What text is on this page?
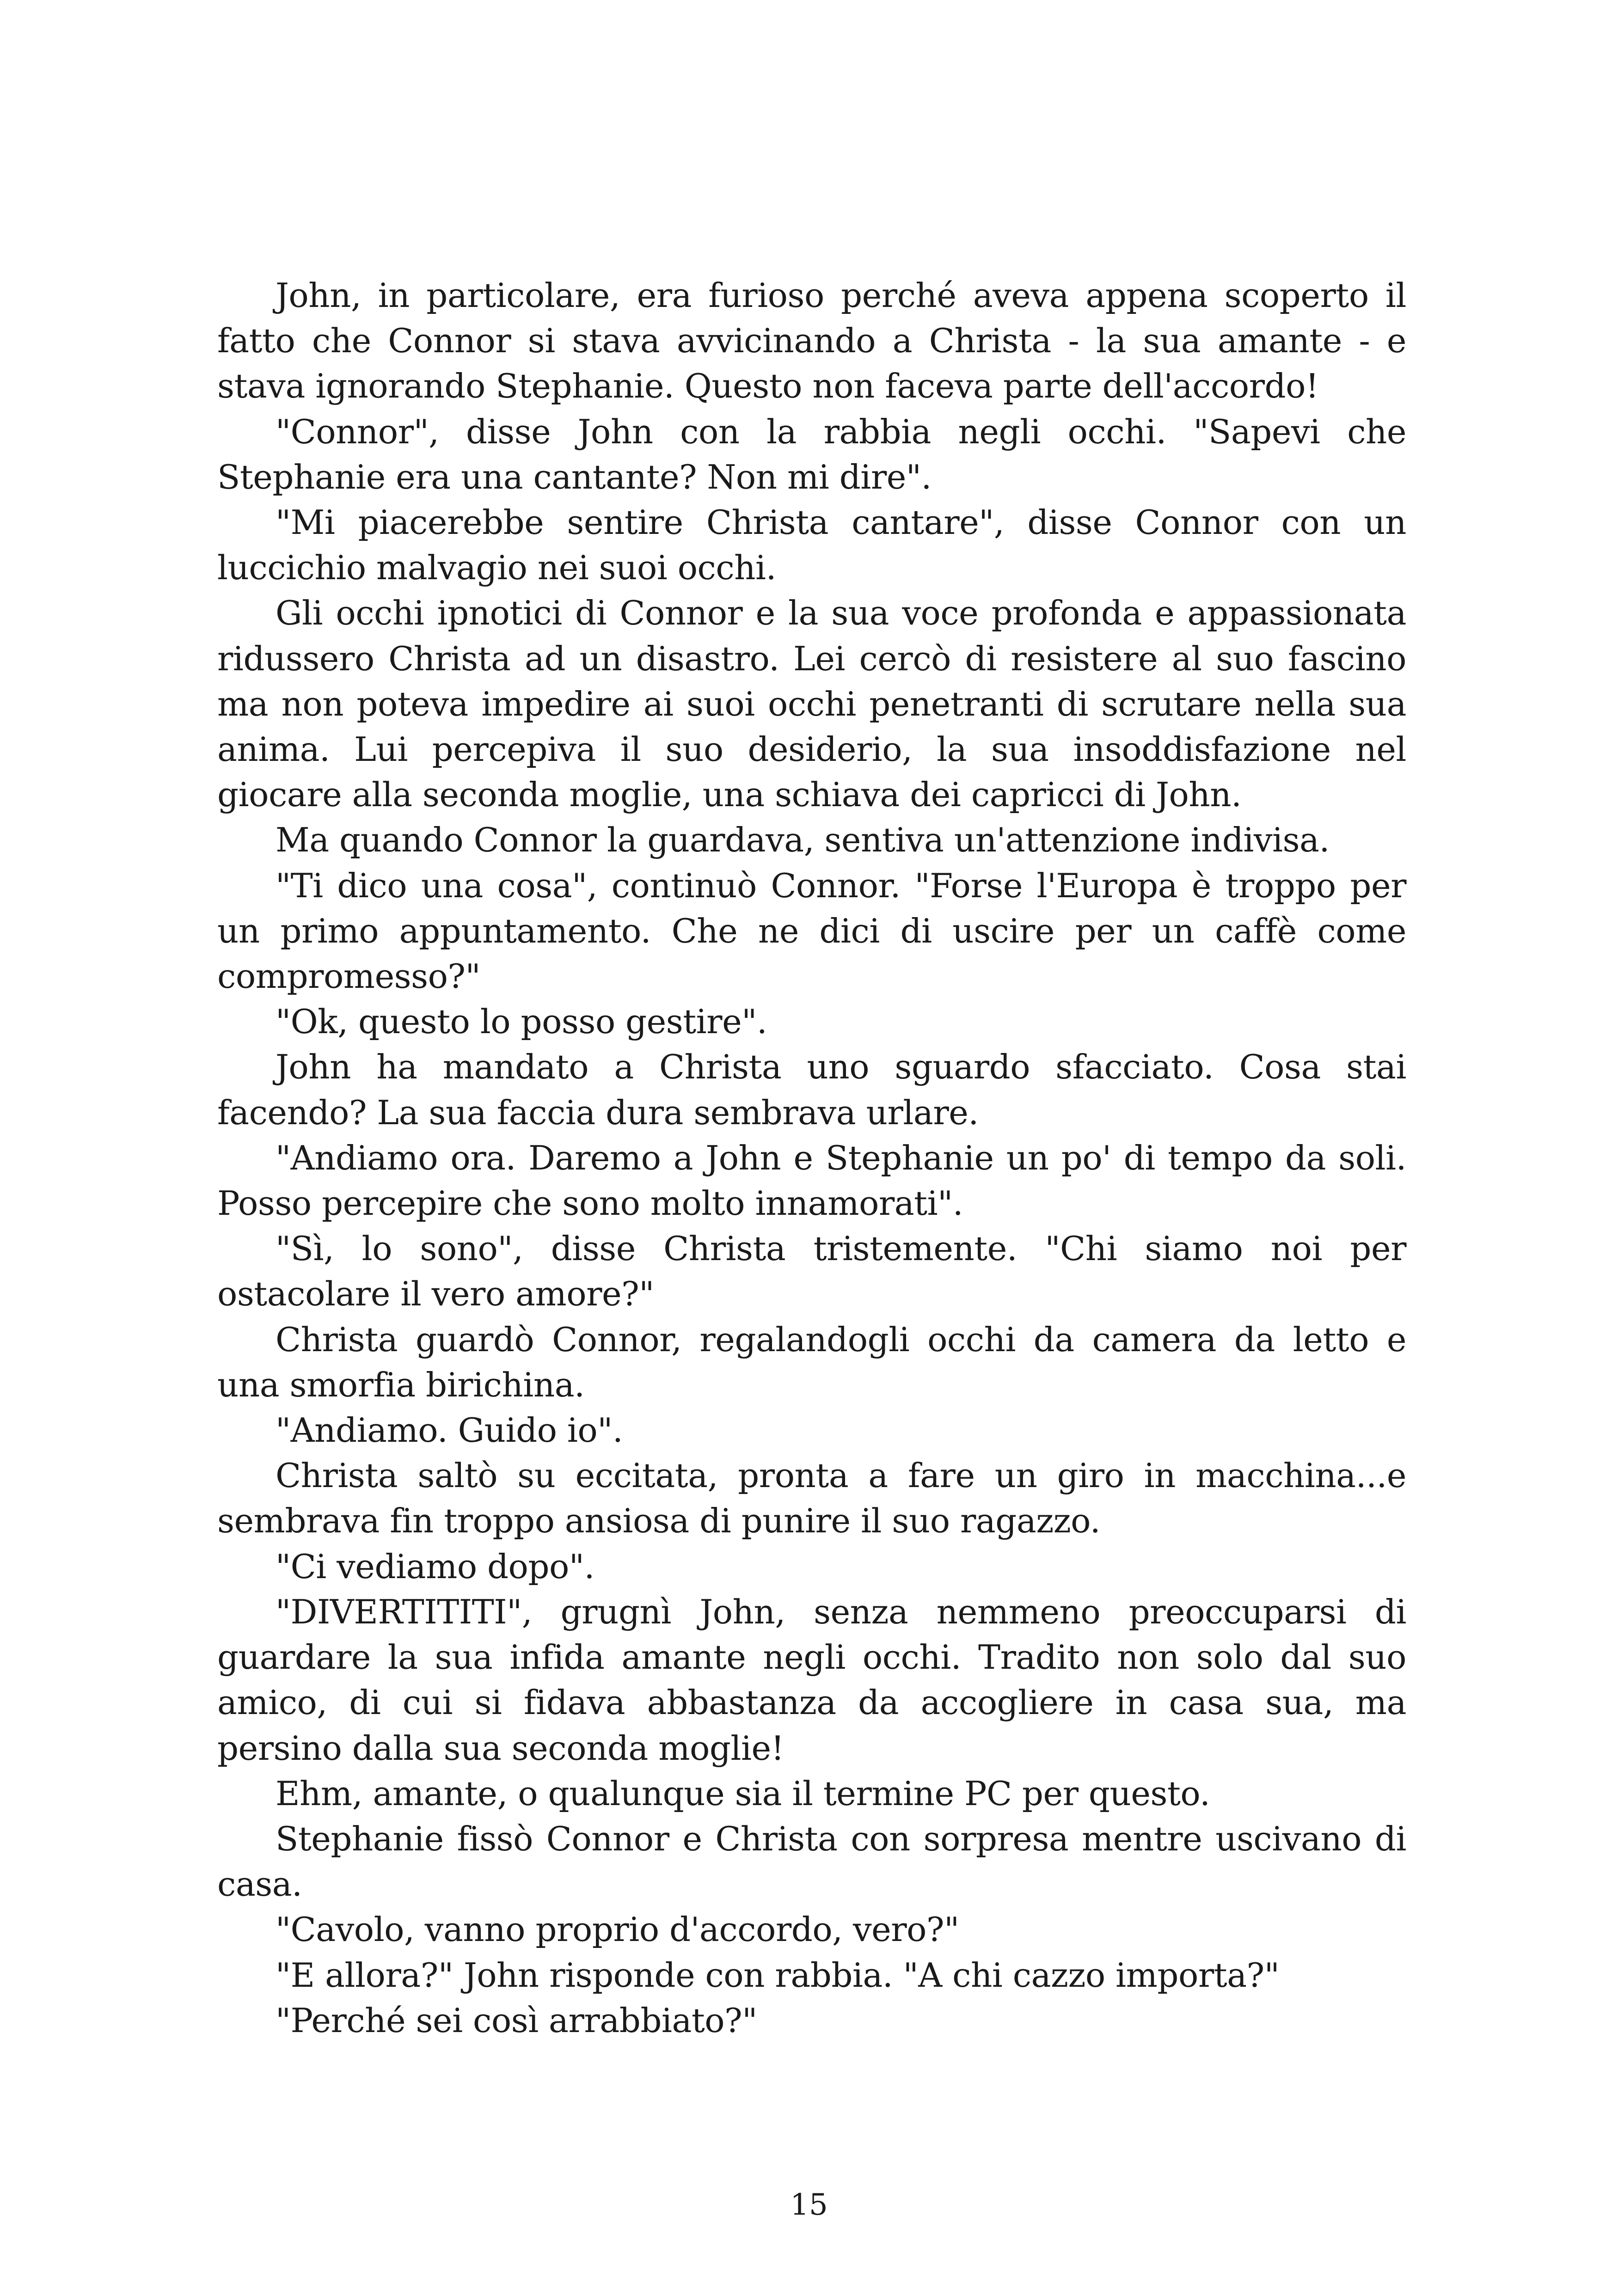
John, in particolare, era furioso perché aveva appena scoperto il fatto che Connor si stava avvicinando a Christa - la sua amante - e stava ignorando Stephanie. Questo non faceva parte dell'accordo!

"Connor", disse John con la rabbia negli occhi. "Sapevi che Stephanie era una cantante? Non mi dire".

"Mi piacerebbe sentire Christa cantare", disse Connor con un luccichio malvagio nei suoi occhi.

Gli occhi ipnotici di Connor e la sua voce profonda e appassionata ridussero Christa ad un disastro. Lei cercò di resistere al suo fascino ma non poteva impedire ai suoi occhi penetranti di scrutare nella sua anima. Lui percepiva il suo desiderio, la sua insoddisfazione nel giocare alla seconda moglie, una schiava dei capricci di John.

Ma quando Connor la guardava, sentiva un'attenzione indivisa.

"Ti dico una cosa", continuò Connor. "Forse l'Europa è troppo per un primo appuntamento. Che ne dici di uscire per un caffè come compromesso?"

"Ok, questo lo posso gestire".

John ha mandato a Christa uno sguardo sfacciato. Cosa stai facendo? La sua faccia dura sembrava urlare.

"Andiamo ora. Daremo a John e Stephanie un po' di tempo da soli. Posso percepire che sono molto innamorati".

"Sì, lo sono", disse Christa tristemente. "Chi siamo noi per ostacolare il vero amore?"

Christa guardò Connor, regalandogli occhi da camera da letto e una smorfia birichina.

"Andiamo. Guido io".

Christa saltò su eccitata, pronta a fare un giro in macchina...e sembrava fin troppo ansiosa di punire il suo ragazzo.

"Ci vediamo dopo".

"DIVERTITITI", grugnì John, senza nemmeno preoccuparsi di guardare la sua infida amante negli occhi. Tradito non solo dal suo amico, di cui si fidava abbastanza da accogliere in casa sua, ma persino dalla sua seconda moglie!

Ehm, amante, o qualunque sia il termine PC per questo.

Stephanie fissò Connor e Christa con sorpresa mentre uscivano di casa.

"Cavolo, vanno proprio d'accordo, vero?"

"E allora?" John risponde con rabbia. "A chi cazzo importa?"

"Perché sei così arrabbiato?"

15
